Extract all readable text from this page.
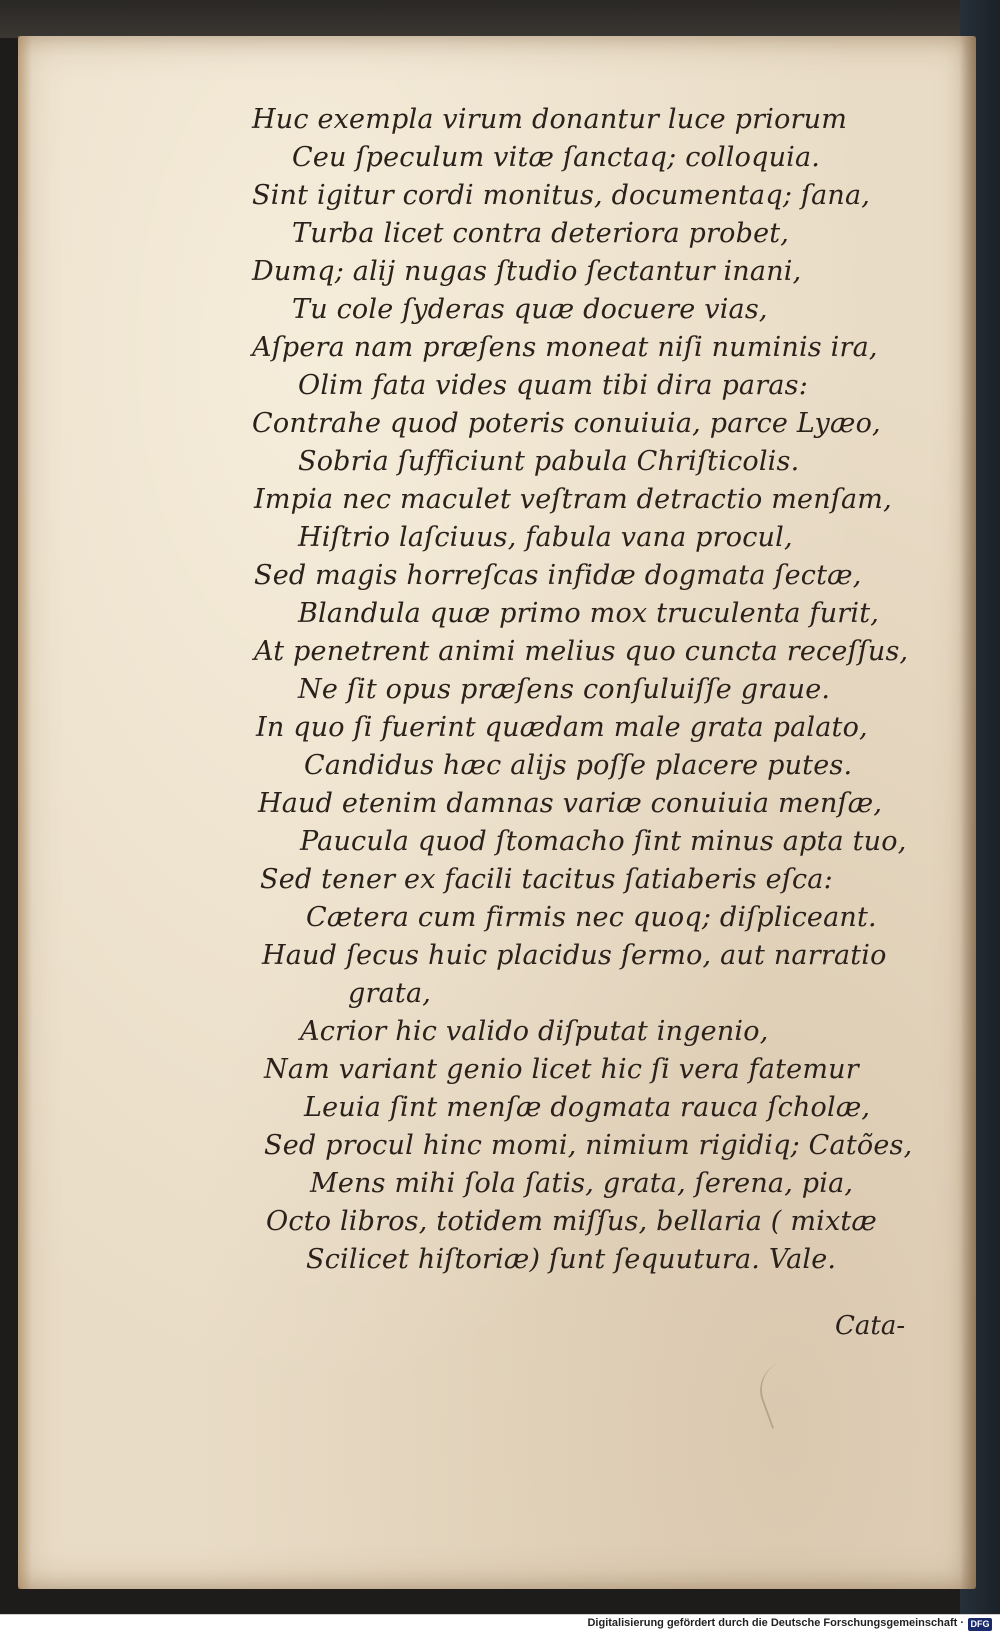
Huc exempla virum donantur luce priorum

Ceu ſpeculum vitæ ſanctaq; colloquia.

Sint igitur cordi monitus, documentaq; ſana,

Turba licet contra deteriora probet,

Dumq; alij nugas ſtudio ſectantur inani,

Tu cole ſyderas quæ docuere vias,

Aſpera nam præſens moneat niſi numinis ira,

Olim fata vides quam tibi dira paras:

Contrahe quod poteris conuiuia, parce Lyæo,

Sobria ſufficiunt pabula Chriſticolis.

Impia nec maculet veſtram detractio menſam,

Hiſtrio laſciuus, fabula vana procul,

Sed magis horreſcas infidæ dogmata ſectæ,

Blandula quæ primo mox truculenta furit,

At penetrent animi melius quo cuncta receſſus,

Ne ſit opus præſens conſuluiſſe graue.

In quo ſi fuerint quædam male grata palato,

Candidus hæc alijs poſſe placere putes.

Haud etenim damnas variæ conuiuia menſæ,

Paucula quod ſtomacho ſint minus apta tuo,

Sed tener ex facili tacitus ſatiaberis eſca:

Cætera cum firmis nec quoq; diſpliceant.

Haud ſecus huic placidus ſermo, aut narratio

grata,

Acrior hic valido diſputat ingenio,

Nam variant genio licet hic ſi vera fatemur

Leuia ſint menſæ dogmata rauca ſcholæ,

Sed procul hinc momi, nimium rigidiq; Catões,

Mens mihi ſola ſatis, grata, ſerena, pia,

Octo libros, totidem miſſus, bellaria ( mixtæ

Scilicet hiſtoriæ) ſunt ſequutura. Vale.

Cata-

Digitalisierung gefördert durch die Deutsche Forschungsgemeinschaft · DFG
